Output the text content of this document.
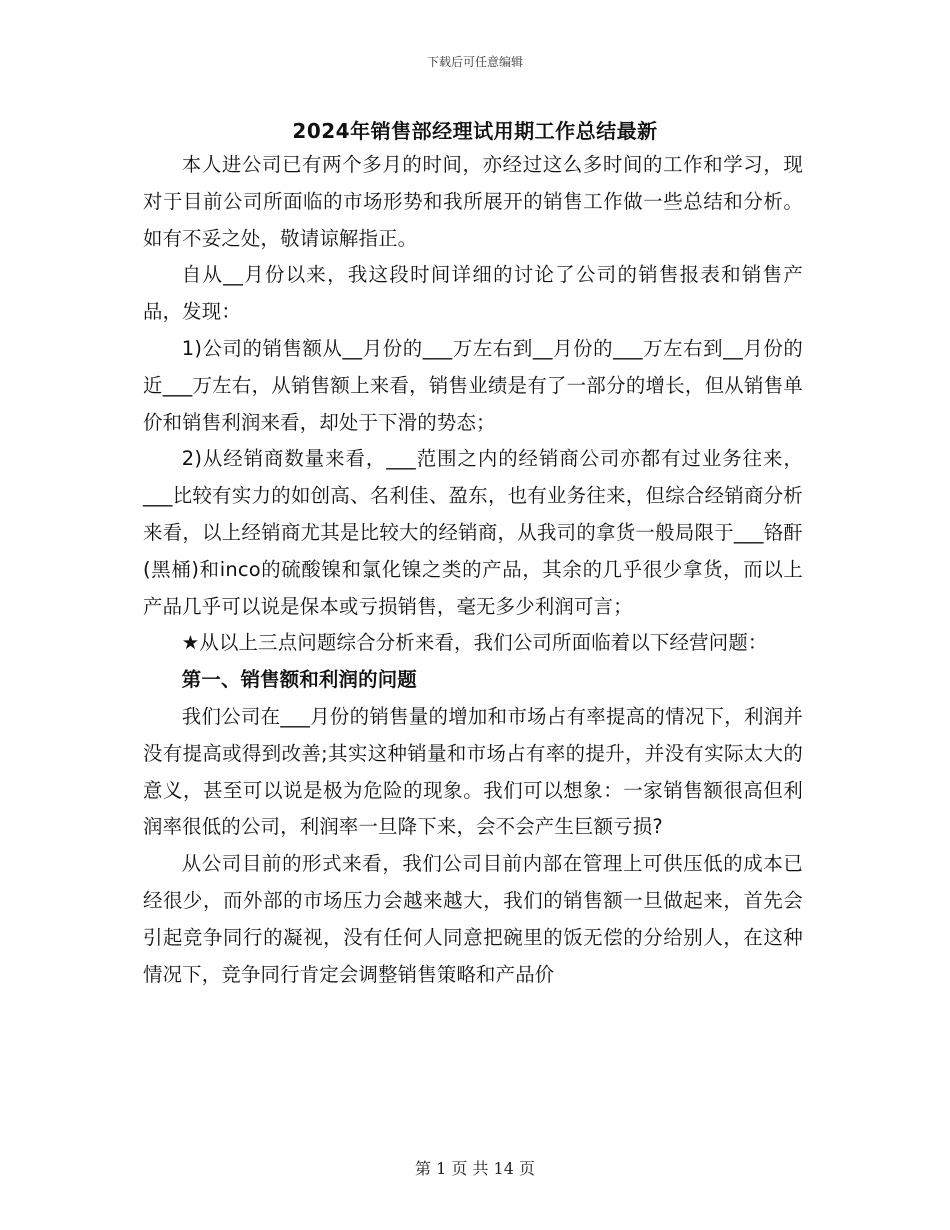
下载后可任意编辑
2024年销售部经理试用期工作总结最新

本人进公司已有两个多月的时间，亦经过这么多时间的工作和学习，现对于目前公司所面临的市场形势和我所展开的销售工作做一些总结和分析。如有不妥之处，敬请谅解指正。

自从__月份以来，我这段时间详细的讨论了公司的销售报表和销售产品，发现：

1)公司的销售额从__月份的___万左右到__月份的___万左右到__月份的近___万左右，从销售额上来看，销售业绩是有了一部分的增长，但从销售单价和销售利润来看，却处于下滑的势态；

2)从经销商数量来看，___范围之内的经销商公司亦都有过业务往来，___比较有实力的如创高、名利佳、盈东，也有业务往来，但综合经销商分析来看，以上经销商尤其是比较大的经销商，从我司的拿货一般局限于___铬酐(黑桶)和inco的硫酸镍和氯化镍之类的产品，其余的几乎很少拿货，而以上产品几乎可以说是保本或亏损销售，毫无多少利润可言；

★从以上三点问题综合分析来看，我们公司所面临着以下经营问题：

第一、销售额和利润的问题

我们公司在___月份的销售量的增加和市场占有率提高的情况下，利润并没有提高或得到改善;其实这种销量和市场占有率的提升，并没有实际太大的意义，甚至可以说是极为危险的现象。我们可以想象：一家销售额很高但利润率很低的公司，利润率一旦降下来，会不会产生巨额亏损?

从公司目前的形式来看，我们公司目前内部在管理上可供压低的成本已经很少，而外部的市场压力会越来越大，我们的销售额一旦做起来，首先会引起竞争同行的凝视，没有任何人同意把碗里的饭无偿的分给别人，在这种情况下，竞争同行肯定会调整销售策略和产品价

第 1 页 共 14 页
